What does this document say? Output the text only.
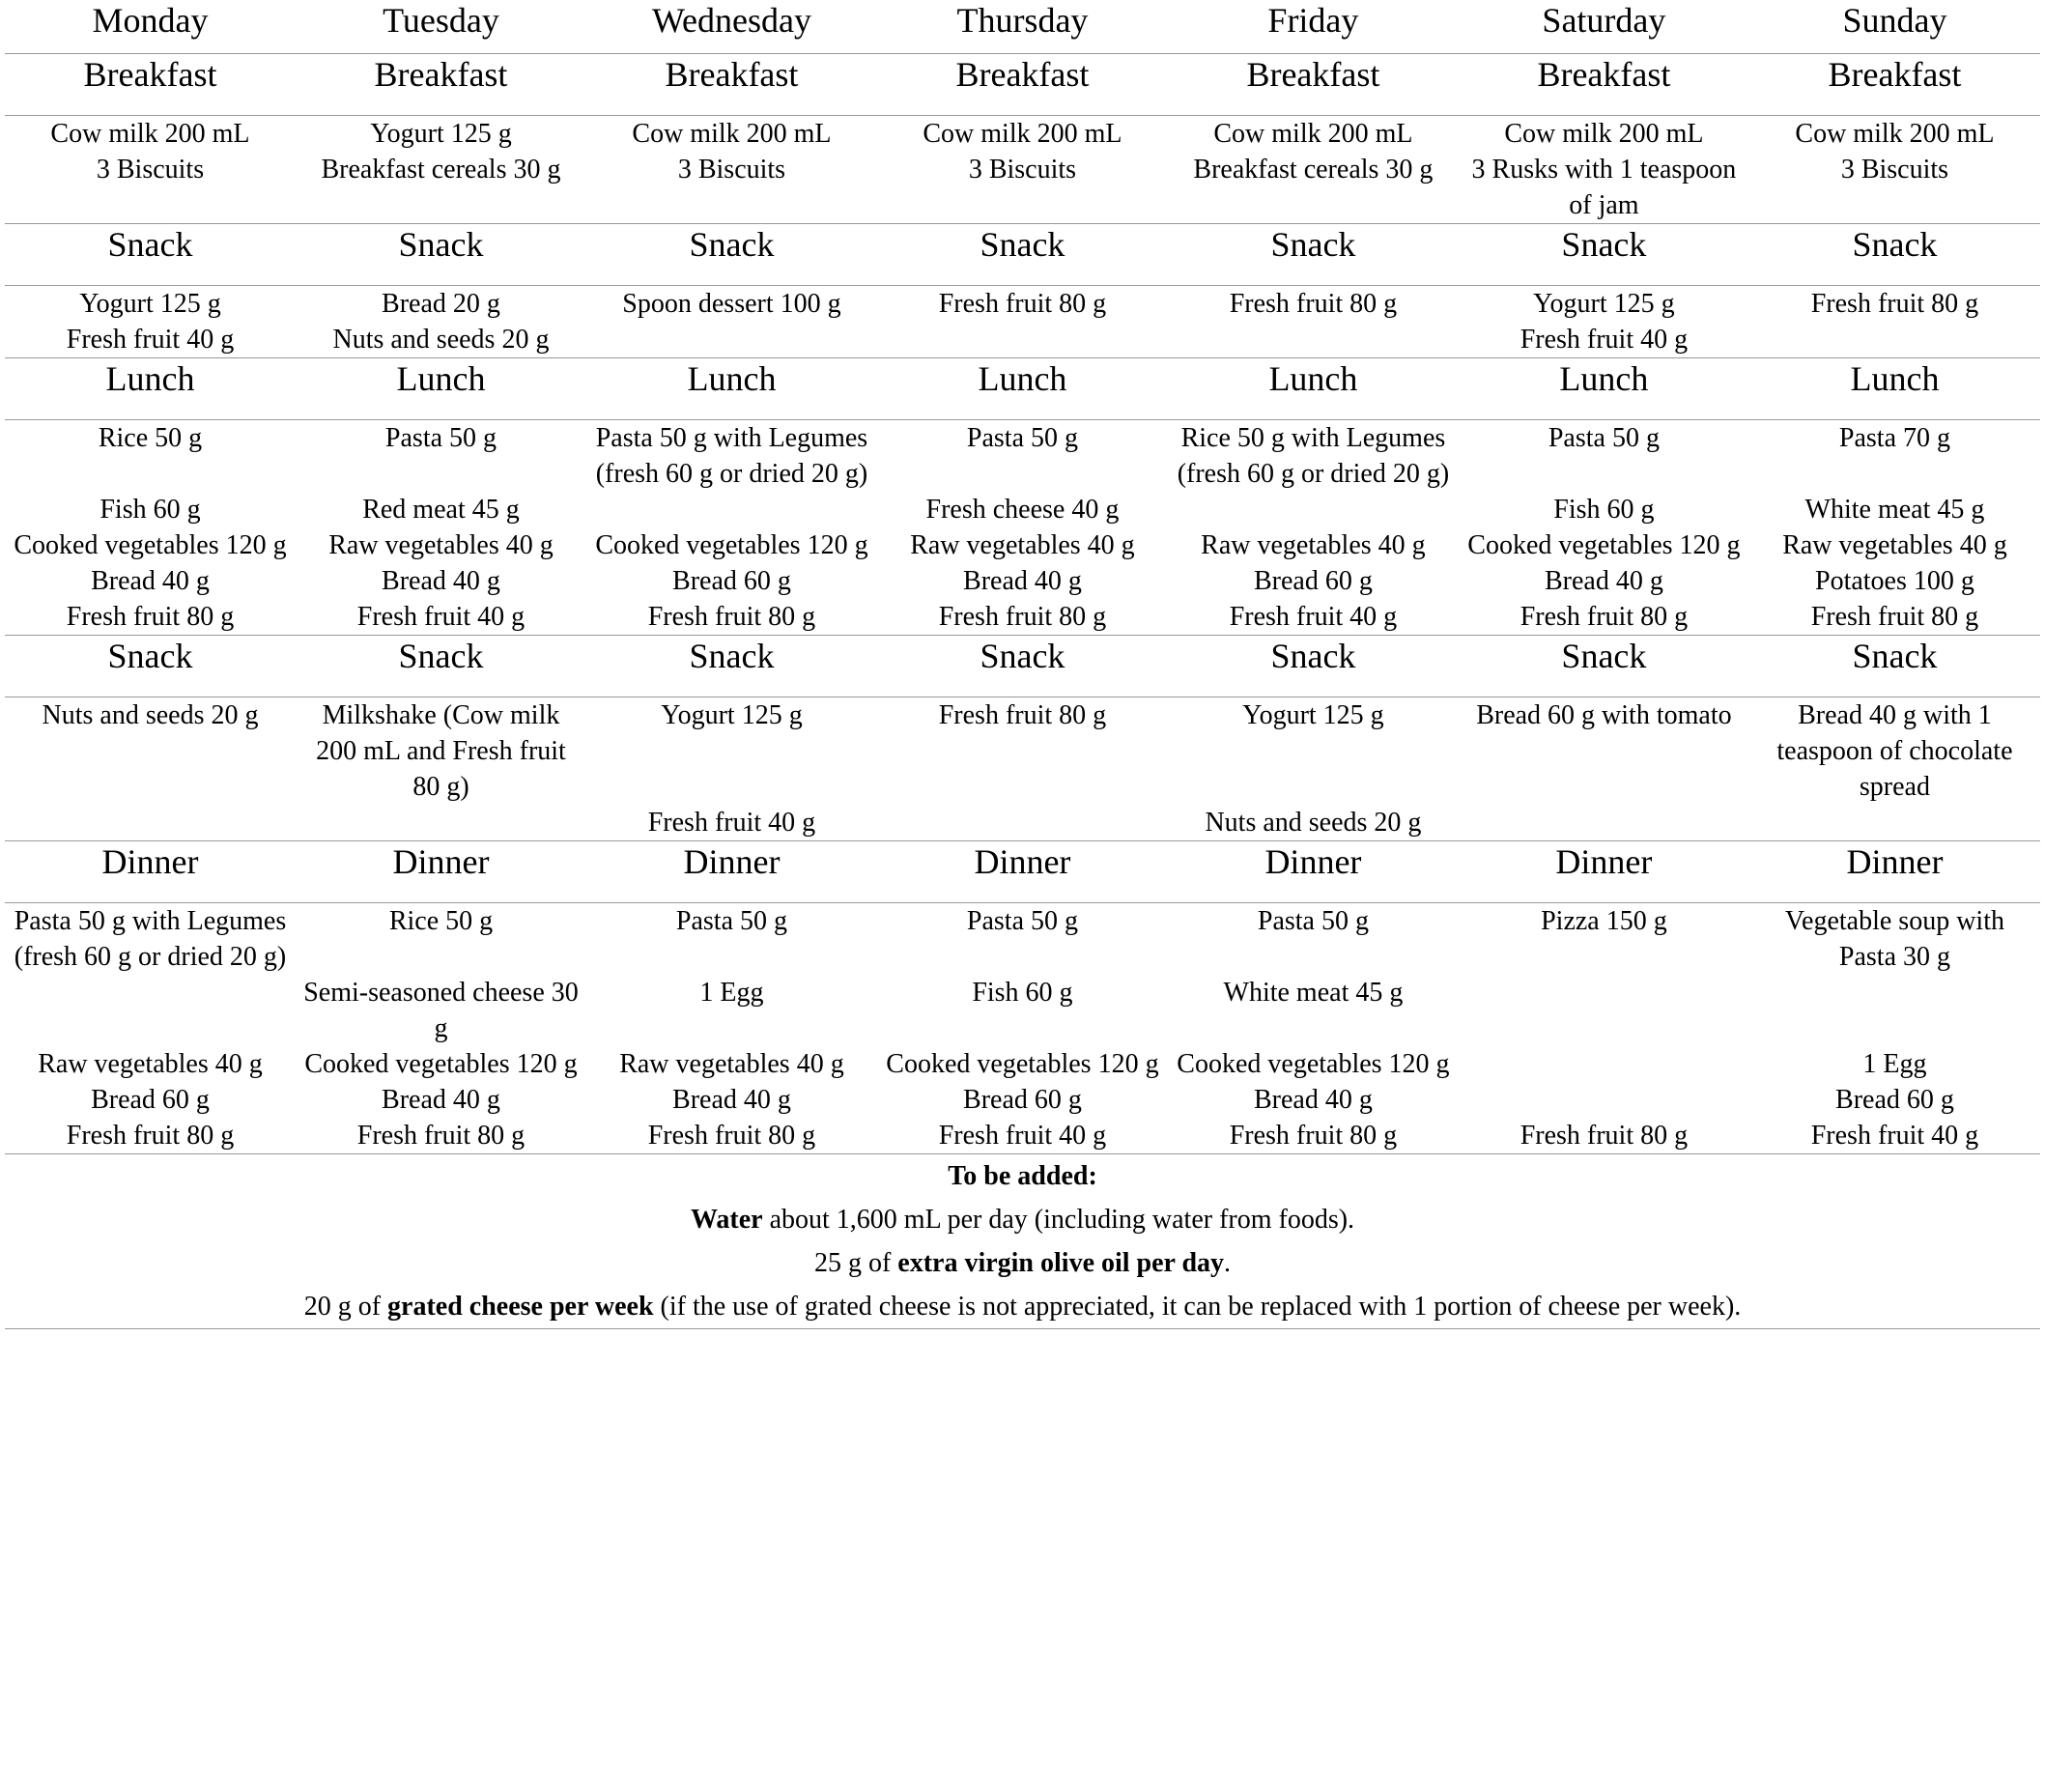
Monday	Tuesday	Wednesday	Thursday	Friday	Saturday	Sunday
Breakfast	Breakfast	Breakfast	Breakfast	Breakfast	Breakfast	Breakfast
Cow milk 200 mL	Yogurt 125 g	Cow milk 200 mL	Cow milk 200 mL	Cow milk 200 mL	Cow milk 200 mL	Cow milk 200 mL
3 Biscuits	Breakfast cereals 30 g	3 Biscuits	3 Biscuits	Breakfast cereals 30 g	3 Rusks with 1 teaspoon of jam	3 Biscuits
Snack	Snack	Snack	Snack	Snack	Snack	Snack
Yogurt 125 g	Bread 20 g	Spoon dessert 100 g	Fresh fruit 80 g	Fresh fruit 80 g	Yogurt 125 g	Fresh fruit 80 g
Fresh fruit 40 g	Nuts and seeds 20 g				Fresh fruit 40 g	
Lunch	Lunch	Lunch	Lunch	Lunch	Lunch	Lunch
Rice 50 g	Pasta 50 g	Pasta 50 g with Legumes (fresh 60 g or dried 20 g)	Pasta 50 g	Rice 50 g with Legumes (fresh 60 g or dried 20 g)	Pasta 50 g	Pasta 70 g
Fish 60 g	Red meat 45 g		Fresh cheese 40 g		Fish 60 g	White meat 45 g
Cooked vegetables 120 g	Raw vegetables 40 g	Cooked vegetables 120 g	Raw vegetables 40 g	Raw vegetables 40 g	Cooked vegetables 120 g	Raw vegetables 40 g
Bread 40 g	Bread 40 g	Bread 60 g	Bread 40 g	Bread 60 g	Bread 40 g	Potatoes 100 g
Fresh fruit 80 g	Fresh fruit 40 g	Fresh fruit 80 g	Fresh fruit 80 g	Fresh fruit 40 g	Fresh fruit 80 g	Fresh fruit 80 g
Snack	Snack	Snack	Snack	Snack	Snack	Snack
Nuts and seeds 20 g	Milkshake (Cow milk 200 mL and Fresh fruit 80 g)	Yogurt 125 g	Fresh fruit 80 g	Yogurt 125 g	Bread 60 g with tomato	Bread 40 g with 1 teaspoon of chocolate spread
		Fresh fruit 40 g		Nuts and seeds 20 g		
Dinner	Dinner	Dinner	Dinner	Dinner	Dinner	Dinner
Pasta 50 g with Legumes (fresh 60 g or dried 20 g)	Rice 50 g	Pasta 50 g	Pasta 50 g	Pasta 50 g	Pizza 150 g	Vegetable soup with Pasta 30 g
	Semi-seasoned cheese 30 g	1 Egg	Fish 60 g	White meat 45 g		
Raw vegetables 40 g	Cooked vegetables 120 g	Raw vegetables 40 g	Cooked vegetables 120 g	Cooked vegetables 120 g		1 Egg
Bread 60 g	Bread 40 g	Bread 40 g	Bread 60 g	Bread 40 g		Bread 60 g
Fresh fruit 80 g	Fresh fruit 80 g	Fresh fruit 80 g	Fresh fruit 40 g	Fresh fruit 80 g	Fresh fruit 80 g	Fresh fruit 40 g

To be added:
Water about 1,600 mL per day (including water from foods).
25 g of extra virgin olive oil per day.
20 g of grated cheese per week (if the use of grated cheese is not appreciated, it can be replaced with 1 portion of cheese per week).						
